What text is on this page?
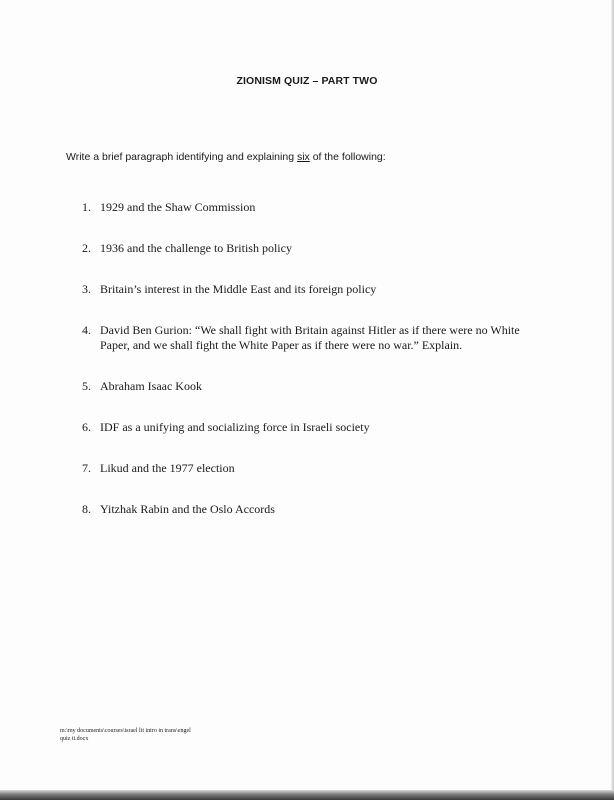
ZIONISM QUIZ – PART TWO
Write a brief paragraph identifying and explaining six of the following:
1. 1929 and the Shaw Commission
2. 1936 and the challenge to British policy
3. Britain’s interest in the Middle East and its foreign policy
4. David Ben Gurion: “We shall fight with Britain against Hitler as if there were no White Paper, and we shall fight the White Paper as if there were no war.” Explain.
5. Abraham Isaac Kook
6. IDF as a unifying and socializing force in Israeli society
7. Likud and the 1977 election
8. Yitzhak Rabin and the Oslo Accords
m:\my documents\courses\israel lit intro in trans\engel
quiz ii.docx
